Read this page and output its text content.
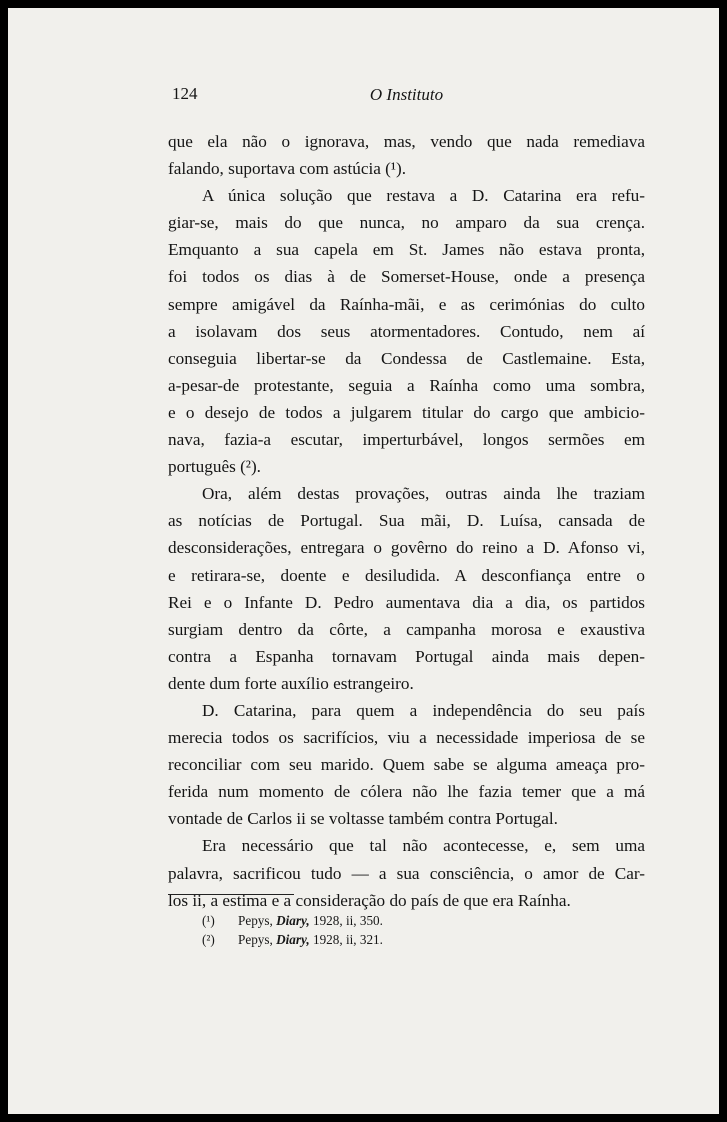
124	O Instituto
que ela não o ignorava, mas, vendo que nada remediava
falando, suportava com astúcia (¹).
A única solução que restava a D. Catarina era refu-
giar-se, mais do que nunca, no amparo da sua crença.
Emquanto a sua capela em St. James não estava pronta,
foi todos os dias à de Somerset-House, onde a presença
sempre amigável da Raínha-mãi, e as cerimónias do culto
a isolavam dos seus atormentadores. Contudo, nem aí
conseguia libertar-se da Condessa de Castlemaine. Esta,
a-pesar-de protestante, seguia a Raínha como uma sombra,
e o desejo de todos a julgarem titular do cargo que ambicio-
nava, fazia-a escutar, imperturbável, longos sermões em
português (²).
Ora, além destas provações, outras ainda lhe traziam
as notícias de Portugal. Sua mãi, D. Luísa, cansada de
desconsiderações, entregara o govêrno do reino a D. Afonso vi,
e retirara-se, doente e desiludida. A desconfiança entre o
Rei e o Infante D. Pedro aumentava dia a dia, os partidos
surgiam dentro da côrte, a campanha morosa e exaustiva
contra a Espanha tornavam Portugal ainda mais depen-
dente dum forte auxílio estrangeiro.
D. Catarina, para quem a independência do seu país
merecia todos os sacrifícios, viu a necessidade imperiosa de se
reconciliar com seu marido. Quem sabe se alguma ameaça pro-
ferida num momento de cólera não lhe fazia temer que a má
vontade de Carlos ii se voltasse também contra Portugal.
Era necessário que tal não acontecesse, e, sem uma
palavra, sacrificou tudo — a sua consciência, o amor de Car-
los ii, a estima e a consideração do país de que era Raínha.
(¹) Pepys, Diary, 1928, ii, 350.
(²) Pepys, Diary, 1928, ii, 321.
